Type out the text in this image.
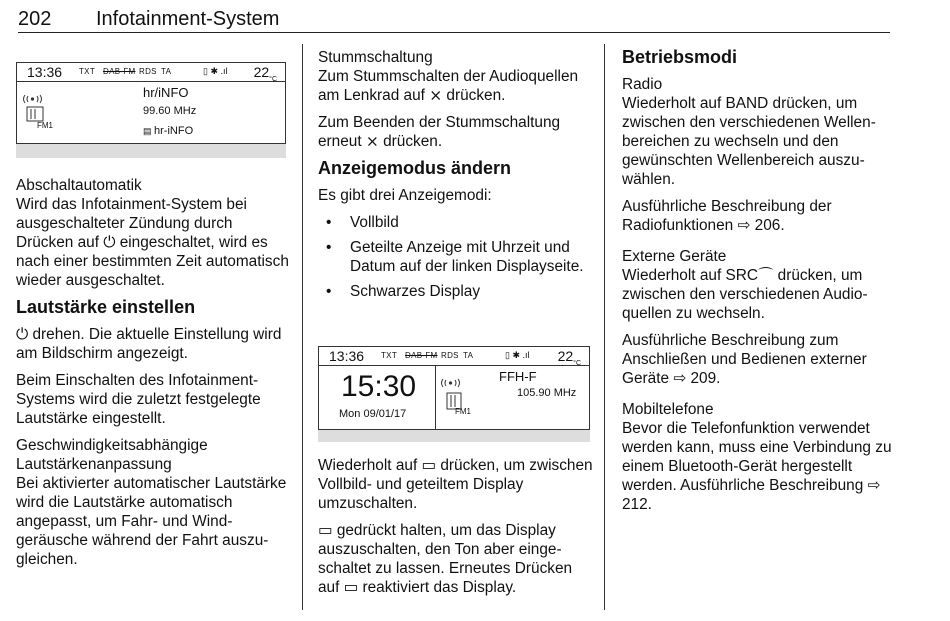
202 Infotainment-System
13:36 TXT DAB-FM RDS TA	▯ ✱ .ıl $22_{^\circ C}$
FM1
hr/iNFO
99.60 MHz
▤ hr-iNFO
Abschaltautomatik

Wird das Infotainment-System bei ausgeschalteter Zündung durch Drücken auf ⏻ eingeschaltet, wird es nach einer bestimmten Zeit automatisch wieder ausgeschaltet.

Lautstärke einstellen

⏻ drehen. Die aktuelle Einstellung wird am Bildschirm angezeigt.

Beim Einschalten des Infotainment-Systems wird die zuletzt festgelegte Lautstärke eingestellt.

Geschwindigkeitsabhängige
Lautstärkenanpassung

Bei aktivierter automatischer Lautstärke wird die Lautstärke automatisch angepasst, um Fahr- und Windgeräusche während der Fahrt auszugleichen.

Stummschaltung

Zum Stummschalten der Audioquellen am Lenkrad auf ⨯ drücken.

Zum Beenden der Stummschaltung erneut ⨯ drücken.

Anzeigemodus ändern

Es gibt drei Anzeigemodi:

• Vollbild
• Geteilte Anzeige mit Uhrzeit und Datum auf der linken Displayseite.
• Schwarzes Display
13:36 TXT DAB-FM RDS TA	▯ ✱ .ıl $22_{^\circ C}$
15:30
Mon 09/01/17	FM1
FFH-F
105.90 MHz

Wiederholt auf ▭ drücken, um zwischen Vollbild- und geteiltem Display umzuschalten.

▭ gedrückt halten, um das Display auszuschalten, den Ton aber eingeschaltet zu lassen. Erneutes Drücken auf ▭ reaktiviert das Display.

Betriebsmodi
Radio

Wiederholt auf BAND drücken, um zwischen den verschiedenen Wellenbereichen zu wechseln und den gewünschten Wellenbereich auszuwählen.

Ausführliche Beschreibung der Radiofunktionen ⇨ 206.

Externe Geräte

Wiederholt auf SRC⌒ drücken, um zwischen den verschiedenen Audioquellen zu wechseln.

Ausführliche Beschreibung zum Anschließen und Bedienen externer Geräte ⇨ 209.

Mobiltelefone

Bevor die Telefonfunktion verwendet werden kann, muss eine Verbindung zu einem Bluetooth-Gerät hergestellt werden. Ausführliche Beschreibung ⇨ 212.
